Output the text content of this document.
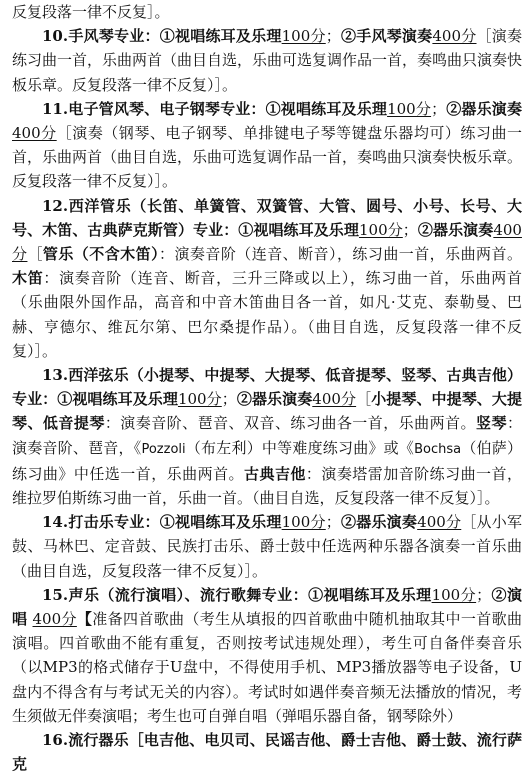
反复段落一律不反复］。

10.手风琴专业：①视唱练耳及乐理100分；②手风琴演奏400分［演奏练习曲一首，乐曲两首（曲目自选，乐曲可选复调作品一首，奏鸣曲只演奏快板乐章。反复段落一律不反复）］。

11.电子管风琴、电子钢琴专业：①视唱练耳及乐理100分；②器乐演奏400分［演奏（钢琴、电子钢琴、单排键电子琴等键盘乐器均可）练习曲一首，乐曲两首（曲目自选，乐曲可选复调作品一首，奏鸣曲只演奏快板乐章。反复段落一律不反复）］。

12.西洋管乐（长笛、单簧管、双簧管、大管、圆号、小号、长号、大号、木笛、古典萨克斯管）专业：①视唱练耳及乐理100分；②器乐演奏400分［管乐（不含木笛）：演奏音阶（连音、断音），练习曲一首，乐曲两首。木笛：演奏音阶（连音、断音，三升三降或以上），练习曲一首，乐曲两首（乐曲限外国作品，高音和中音木笛曲目各一首，如凡·艾克、泰勒曼、巴赫、亨德尔、维瓦尔第、巴尔桑提作品）。（曲目自选，反复段落一律不反复）］。

13.西洋弦乐（小提琴、中提琴、大提琴、低音提琴、竖琴、古典吉他）专业：①视唱练耳及乐理100分；②器乐演奏400分［小提琴、中提琴、大提琴、低音提琴：演奏音阶、琶音、双音、练习曲各一首，乐曲两首。竖琴：演奏音阶、琶音，《Pozzoli（布左利）中等难度练习曲》或《Bochsa（伯萨）练习曲》中任选一首，乐曲两首。古典吉他：演奏塔雷加音阶练习曲一首，维拉罗伯斯练习曲一首，乐曲一首。（曲目自选，反复段落一律不反复）］。

14.打击乐专业：①视唱练耳及乐理100分；②器乐演奏400分［从小军鼓、马林巴、定音鼓、民族打击乐、爵士鼓中任选两种乐器各演奏一首乐曲（曲目自选，反复段落一律不反复）］。

15.声乐（流行演唱）、流行歌舞专业：①视唱练耳及乐理100分；②演唱 400分【准备四首歌曲（考生从填报的四首歌曲中随机抽取其中一首歌曲演唱。四首歌曲不能有重复，否则按考试违规处理），考生可自备伴奏音乐（以MP3的格式储存于U盘中，不得使用手机、MP3播放器等电子设备，U盘内不得含有与考试无关的内容）。考试时如遇伴奏音频无法播放的情况，考生须做无伴奏演唱；考生也可自弹自唱（弹唱乐器自备，钢琴除外）

16.流行器乐［电吉他、电贝司、民谣吉他、爵士吉他、爵士鼓、流行萨克
